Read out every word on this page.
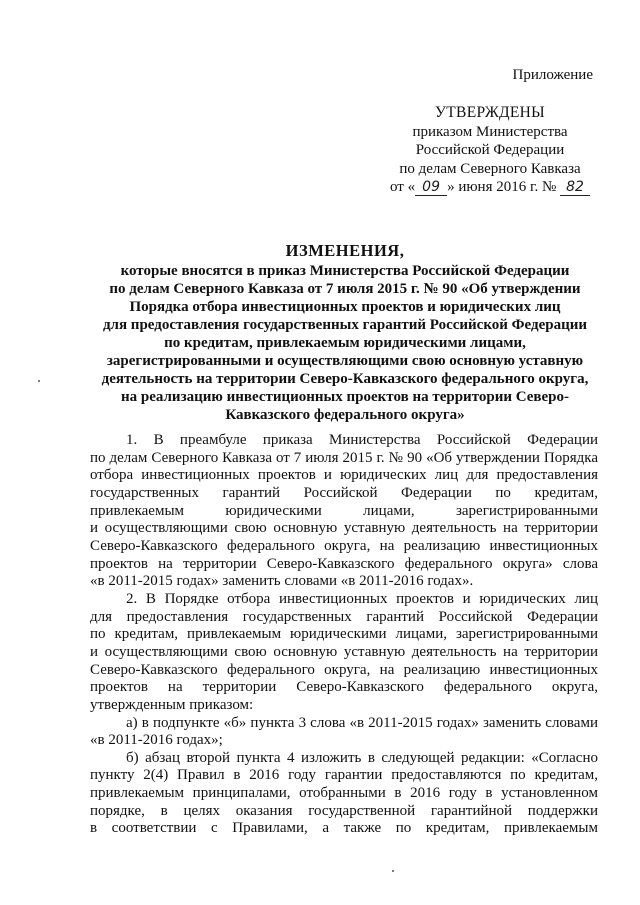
Приложение
УТВЕРЖДЕНЫ
приказом Министерства
Российской Федерации
по делам Северного Кавказа
от « 09 » июня 2016 г. № 82
ИЗМЕНЕНИЯ,
которые вносятся в приказ Министерства Российской Федерации
по делам Северного Кавказа от 7 июля 2015 г. № 90 «Об утверждении
Порядка отбора инвестиционных проектов и юридических лиц
для предоставления государственных гарантий Российской Федерации
по кредитам, привлекаемым юридическими лицами,
зарегистрированными и осуществляющими свою основную уставную
деятельность на территории Северо-Кавказского федерального округа,
на реализацию инвестиционных проектов на территории Северо-
Кавказского федерального округа»

1. В преамбуле приказа Министерства Российской Федерации

по делам Северного Кавказа от 7 июля 2015 г. № 90 «Об утверждении Порядка

отбора инвестиционных проектов и юридических лиц для предоставления

государственных гарантий Российской Федерации по кредитам,

привлекаемым юридическими лицами, зарегистрированными

и осуществляющими свою основную уставную деятельность на территории

Северо-Кавказского федерального округа, на реализацию инвестиционных

проектов на территории Северо-Кавказского федерального округа» слова

«в 2011-2015 годах» заменить словами «в 2011-2016 годах».

2. В Порядке отбора инвестиционных проектов и юридических лиц

для предоставления государственных гарантий Российской Федерации

по кредитам, привлекаемым юридическими лицами, зарегистрированными

и осуществляющими свою основную уставную деятельность на территории

Северо-Кавказского федерального округа, на реализацию инвестиционных

проектов на территории Северо-Кавказского федерального округа,

утвержденным приказом:

а) в подпункте «б» пункта 3 слова «в 2011-2015 годах» заменить словами

«в 2011-2016 годах»;

б) абзац второй пункта 4 изложить в следующей редакции: «Согласно

пункту 2(4) Правил в 2016 году гарантии предоставляются по кредитам,

привлекаемым принципалами, отобранными в 2016 году в установленном

порядке, в целях оказания государственной гарантийной поддержки

в соответствии с Правилами, а также по кредитам, привлекаемым
